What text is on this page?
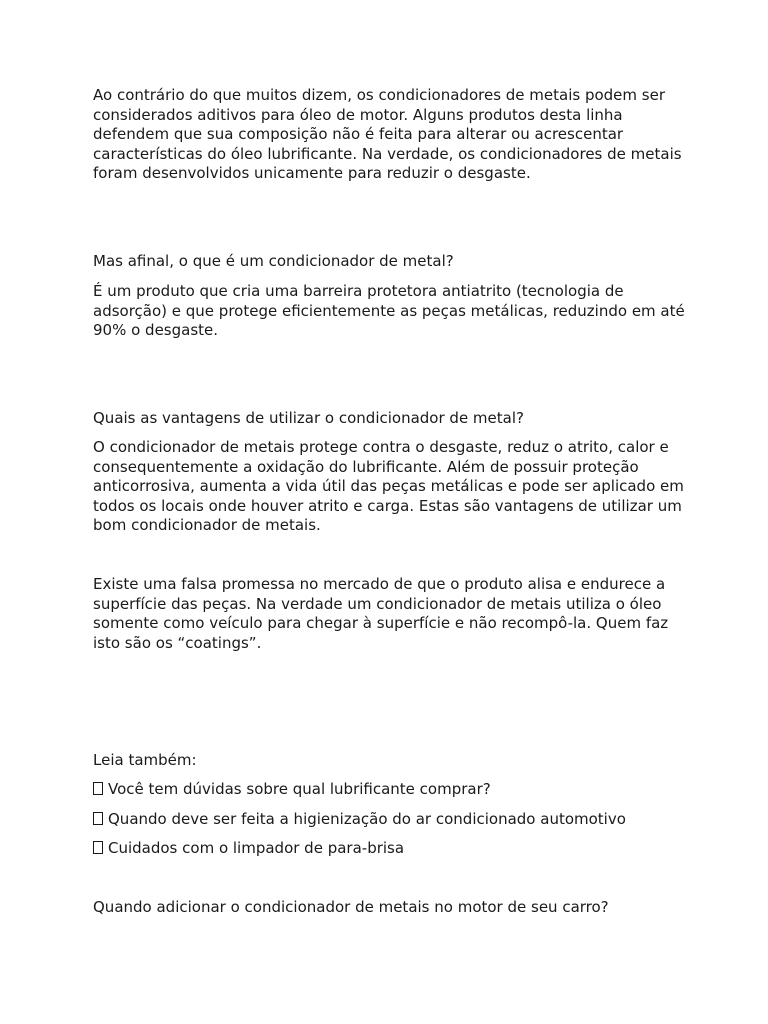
Ao contrário do que muitos dizem, os condicionadores de metais podem ser considerados aditivos para óleo de motor. Alguns produtos desta linha defendem que sua composição não é feita para alterar ou acrescentar características do óleo lubrificante. Na verdade, os condicionadores de metais foram desenvolvidos unicamente para reduzir o desgaste.

Mas afinal, o que é um condicionador de metal?

É um produto que cria uma barreira protetora antiatrito (tecnologia de adsorção) e que protege eficientemente as peças metálicas, reduzindo em até 90% o desgaste.

Quais as vantagens de utilizar o condicionador de metal?

O condicionador de metais protege contra o desgaste, reduz o atrito, calor e consequentemente a oxidação do lubrificante. Além de possuir proteção anticorrosiva, aumenta a vida útil das peças metálicas e pode ser aplicado em todos os locais onde houver atrito e carga. Estas são vantagens de utilizar um bom condicionador de metais.

Existe uma falsa promessa no mercado de que o produto alisa e endurece a superfície das peças. Na verdade um condicionador de metais utiliza o óleo somente como veículo para chegar à superfície e não recompô-la. Quem faz isto são os “coatings”.

Leia também:

Você tem dúvidas sobre qual lubrificante comprar?
Quando deve ser feita a higienização do ar condicionado automotivo
Cuidados com o limpador de para-brisa

Quando adicionar o condicionador de metais no motor de seu carro?
